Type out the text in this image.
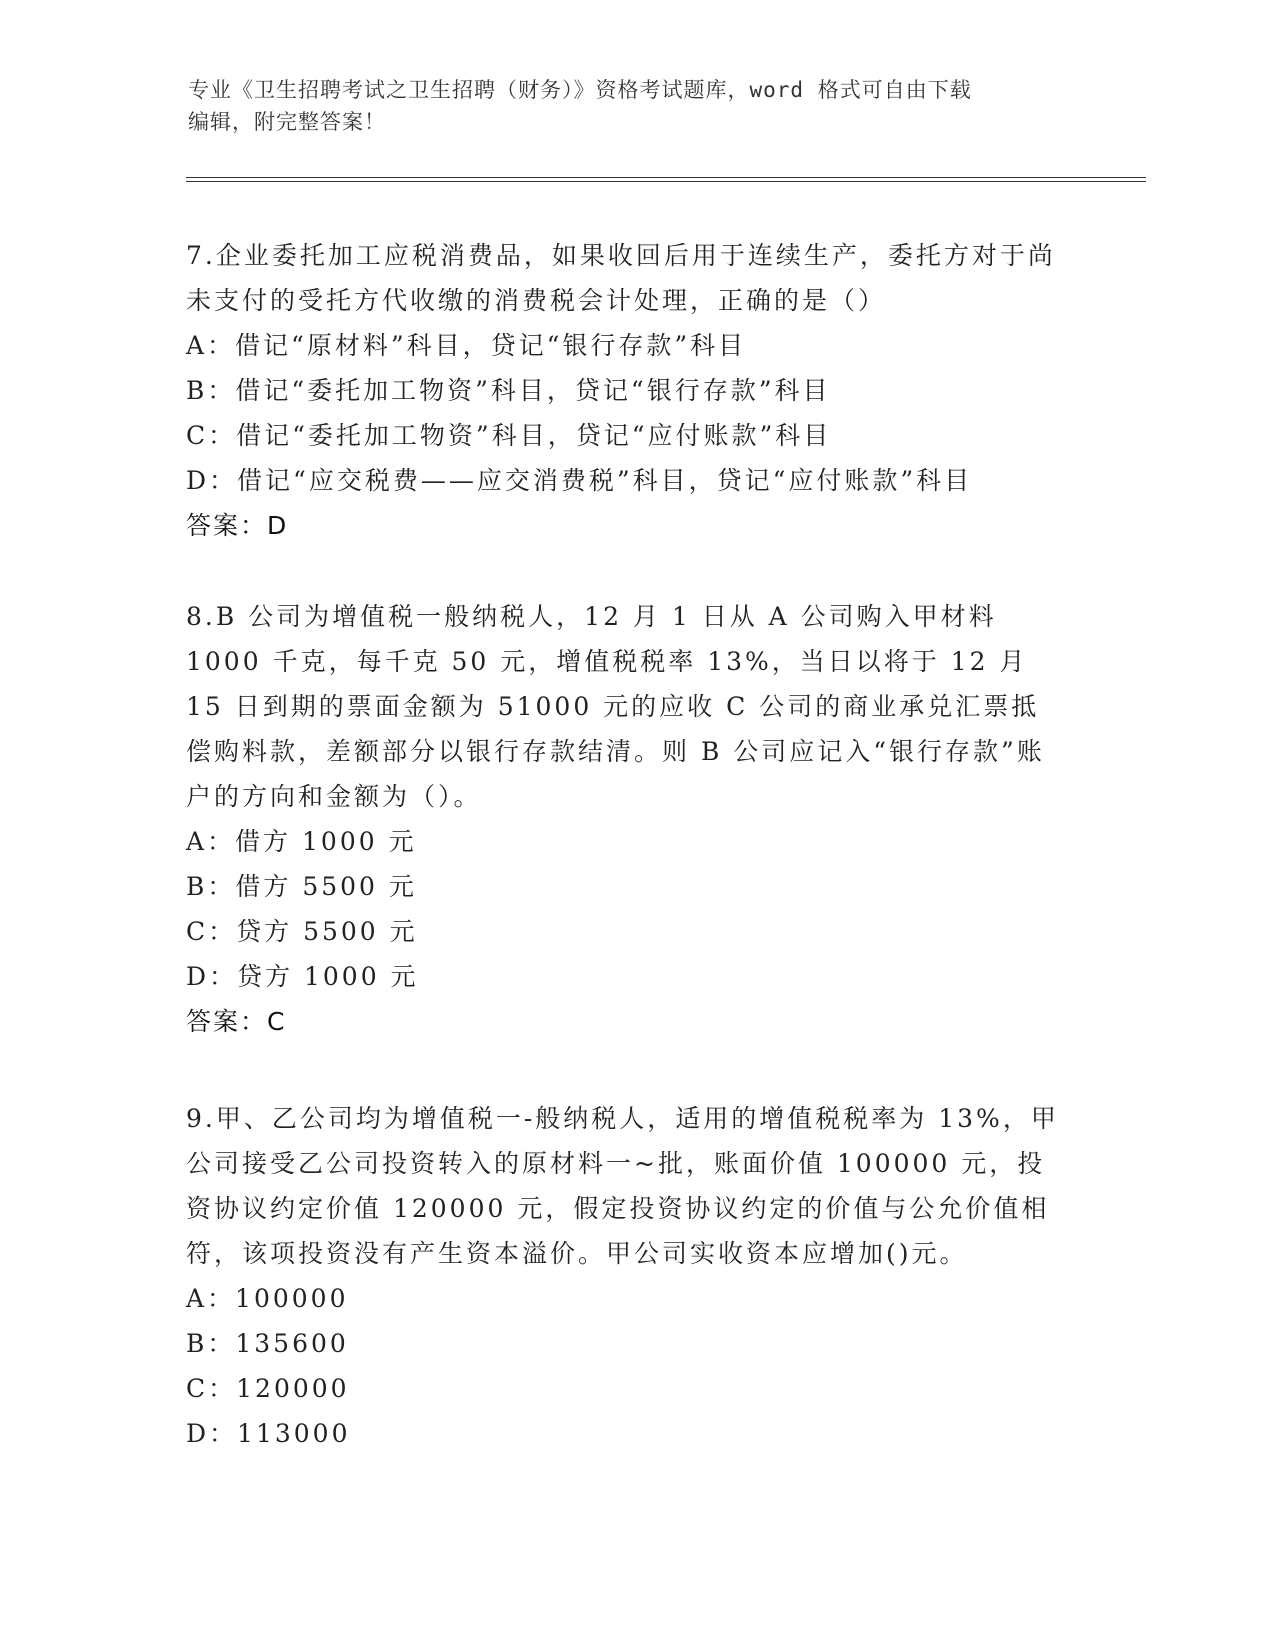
专业《卫生招聘考试之卫生招聘（财务）》资格考试题库，word 格式可自由下载
编辑，附完整答案！
7.企业委托加工应税消费品，如果收回后用于连续生产，委托方对于尚未支付的受托方代收缴的消费税会计处理，正确的是（）
A：借记“原材料”科目，贷记“银行存款”科目
B：借记“委托加工物资”科目，贷记“银行存款”科目
C：借记“委托加工物资”科目，贷记“应付账款”科目
D：借记“应交税费——应交消费税”科目，贷记“应付账款”科目
答案：D
8.B 公司为增值税一般纳税人，12 月 1 日从 A 公司购入甲材料 1000 千克，每千克 50 元，增值税税率 13%，当日以将于 12 月 15 日到期的票面金额为 51000 元的应收 C 公司的商业承兑汇票抵偿购料款，差额部分以银行存款结清。则 B 公司应记入“银行存款”账户的方向和金额为（）。
A：借方 1000 元
B：借方 5500 元
C：贷方 5500 元
D：贷方 1000 元
答案：C
9.甲、乙公司均为增值税一-般纳税人，适用的增值税税率为 13%，甲公司接受乙公司投资转入的原材料一~批，账面价值 100000 元，投资协议约定价值 120000 元，假定投资协议约定的价值与公允价值相符，该项投资没有产生资本溢价。甲公司实收资本应增加()元。
A：100000
B：135600
C：120000
D：113000
